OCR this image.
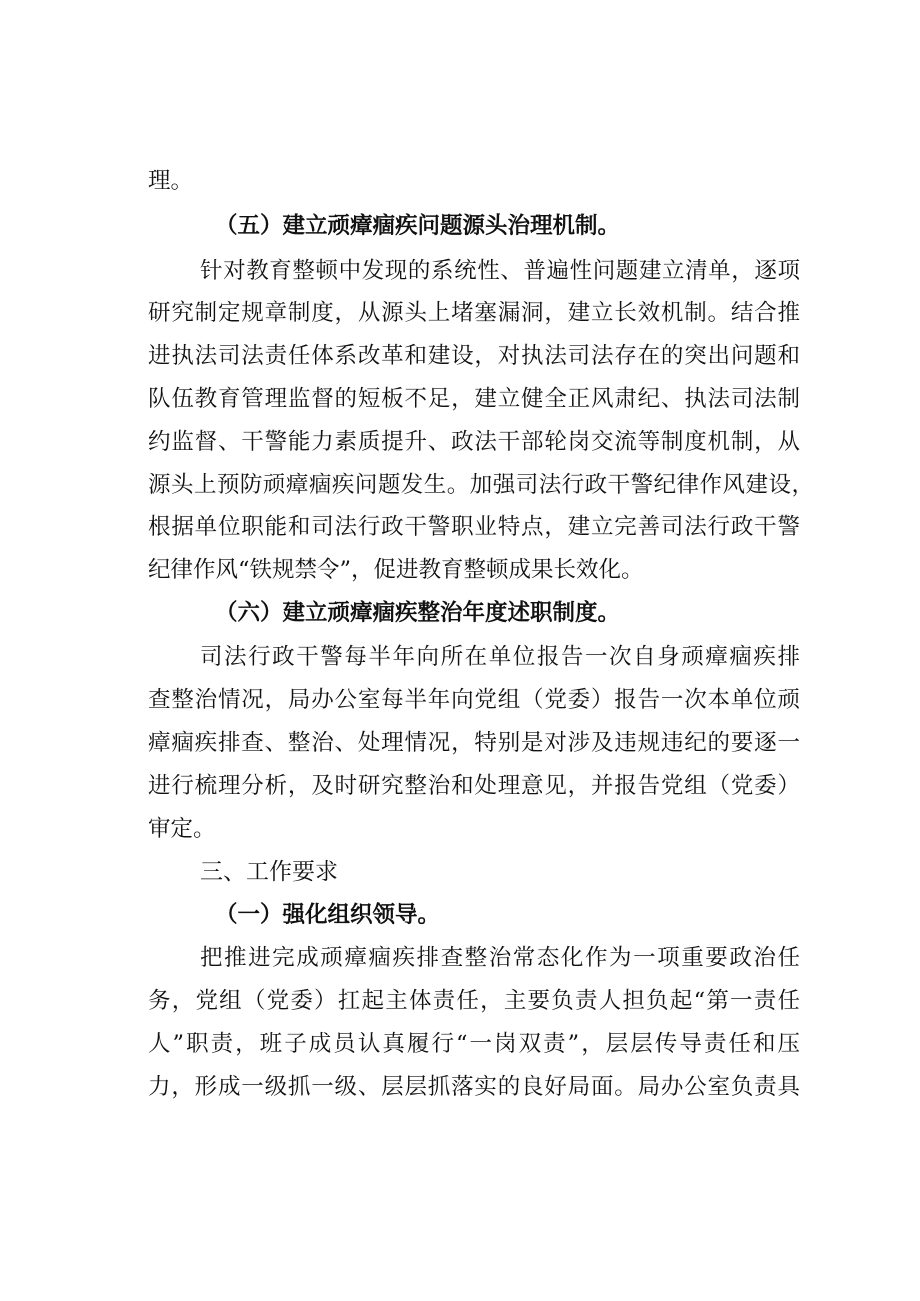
理。
（五）建立顽瘴痼疾问题源头治理机制。
针对教育整顿中发现的系统性、普遍性问题建立清单，逐项
研究制定规章制度，从源头上堵塞漏洞，建立长效机制。结合推
进执法司法责任体系改革和建设，对执法司法存在的突出问题和
队伍教育管理监督的短板不足，建立健全正风肃纪、执法司法制
约监督、干警能力素质提升、政法干部轮岗交流等制度机制，从
源头上预防顽瘴痼疾问题发生。加强司法行政干警纪律作风建设，
根据单位职能和司法行政干警职业特点，建立完善司法行政干警
纪律作风“铁规禁令”，促进教育整顿成果长效化。
（六）建立顽瘴痼疾整治年度述职制度。
司法行政干警每半年向所在单位报告一次自身顽瘴痼疾排
查整治情况，局办公室每半年向党组（党委）报告一次本单位顽
瘴痼疾排查、整治、处理情况，特别是对涉及违规违纪的要逐一
进行梳理分析，及时研究整治和处理意见，并报告党组（党委）
审定。
三、工作要求
（一）强化组织领导。
把推进完成顽瘴痼疾排查整治常态化作为一项重要政治任
务，党组（党委）扛起主体责任，主要负责人担负起“第一责任
人”职责，班子成员认真履行“一岗双责”，层层传导责任和压
力，形成一级抓一级、层层抓落实的良好局面。局办公室负责具
